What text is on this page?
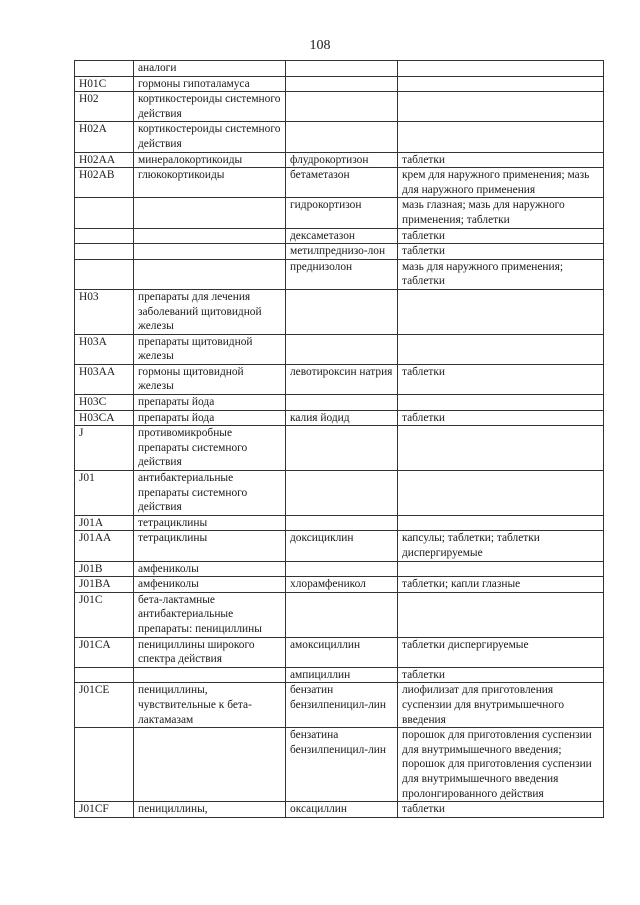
108
	аналоги		
H01C	гормоны гипоталамуса		
H02	кортикостероиды системного действия		
H02A	кортикостероиды системного действия		
H02AA	минералокортикоиды	флудрокортизон	таблетки
H02AB	глюкокортикоиды	бетаметазон	крем для наружного применения; мазь для наружного применения
		гидрокортизон	мазь глазная; мазь для наружного применения; таблетки
		дексаметазон	таблетки
		метилпреднизо-лон	таблетки
		преднизолон	мазь для наружного применения; таблетки
H03	препараты для лечения заболеваний щитовидной железы		
H03A	препараты щитовидной железы		
H03AA	гормоны щитовидной железы	левотироксин натрия	таблетки
H03C	препараты йода		
H03CA	препараты йода	калия йодид	таблетки
J	противомикробные препараты системного действия		
J01	антибактериальные препараты системного действия		
J01A	тетрациклины		
J01AA	тетрациклины	доксициклин	капсулы; таблетки; таблетки диспергируемые
J01B	амфениколы		
J01BA	амфениколы	хлорамфеникол	таблетки; капли глазные
J01C	бета-лактамные антибактериальные препараты: пенициллины		
J01CA	пенициллины широкого спектра действия	амоксициллин	таблетки диспергируемые
		ампициллин	таблетки
J01CE	пенициллины, чувствительные к бета-лактамазам	бензатин бензилпеницил-лин	лиофилизат для приготовления суспензии для внутримышечного введения
		бензатина бензилпеницил-лин	порошок для приготовления суспензии для внутримышечного введения; порошок для приготовления суспензии для внутримышечного введения пролонгированного действия
J01CF	пенициллины,	оксациллин	таблетки
